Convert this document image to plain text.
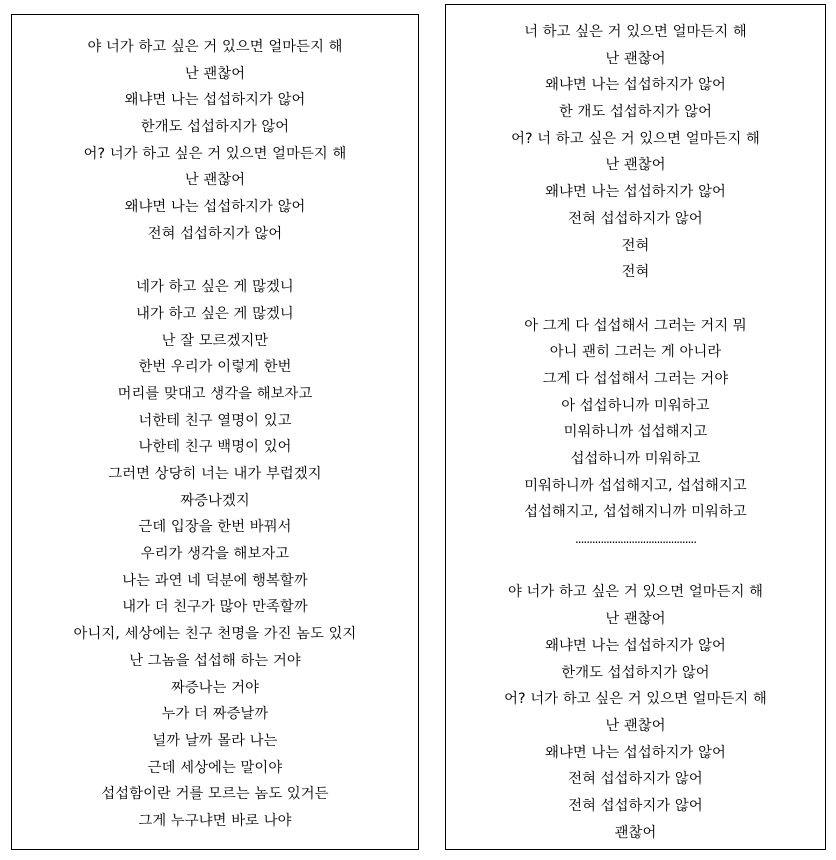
야 너가 하고 싶은 거 있으면 얼마든지 해
난 괜찮어
왜냐면 나는 섭섭하지가 않어
한개도 섭섭하지가 않어
어? 너가 하고 싶은 거 있으면 얼마든지 해
난 괜찮어
왜냐면 나는 섭섭하지가 않어
전혀 섭섭하지가 않어
네가 하고 싶은 게 많겠니
내가 하고 싶은 게 많겠니
난 잘 모르겠지만
한번 우리가 이렇게 한번
머리를 맞대고 생각을 해보자고
너한테 친구 열명이 있고
나한테 친구 백명이 있어
그러면 상당히 너는 내가 부럽겠지
짜증나겠지
근데 입장을 한번 바꿔서
우리가 생각을 해보자고
나는 과연 네 덕분에 행복할까
내가 더 친구가 많아 만족할까
아니지, 세상에는 친구 천명을 가진 놈도 있지
난 그놈을 섭섭해 하는 거야
짜증나는 거야
누가 더 짜증날까
널까 날까 몰라 나는
근데 세상에는 말이야
섭섭함이란 거를 모르는 놈도 있거든
그게 누구냐면 바로 나야
너 하고 싶은 거 있으면 얼마든지 해
난 괜찮어
왜냐면 나는 섭섭하지가 않어
한 개도 섭섭하지가 않어
어? 너 하고 싶은 거 있으면 얼마든지 해
난 괜찮어
왜냐면 나는 섭섭하지가 않어
전혀 섭섭하지가 않어
전혀
전혀
아 그게 다 섭섭해서 그러는 거지 뭐
아니 괜히 그러는 게 아니라
그게 다 섭섭해서 그러는 거야
아 섭섭하니까 미워하고
미워하니까 섭섭해지고
섭섭하니까 미워하고
미워하니까 섭섭해지고, 섭섭해지고
섭섭해지고, 섭섭해지니까 미워하고
...........................................
야 너가 하고 싶은 거 있으면 얼마든지 해
난 괜찮어
왜냐면 나는 섭섭하지가 않어
한개도 섭섭하지가 않어
어? 너가 하고 싶은 거 있으면 얼마든지 해
난 괜찮어
왜냐면 나는 섭섭하지가 않어
전혀 섭섭하지가 않어
전혀 섭섭하지가 않어
괜찮어
